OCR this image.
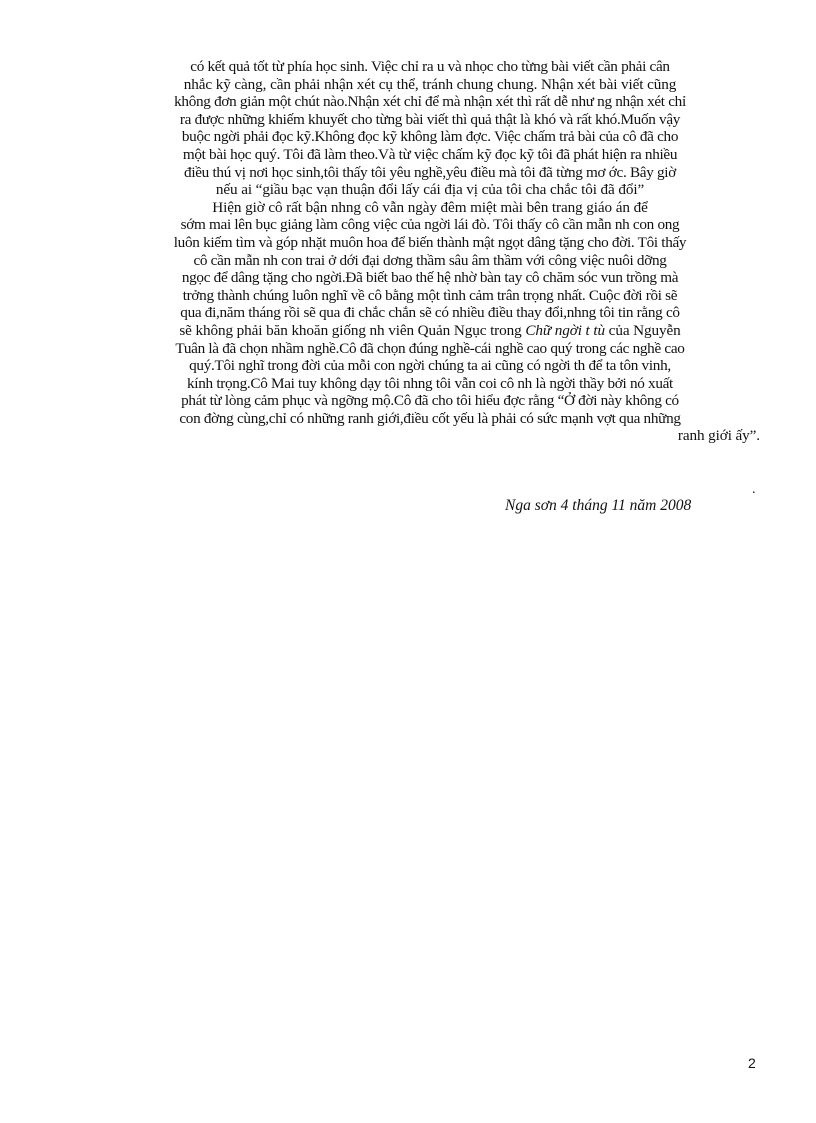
có kết quả tốt từ phía học sinh. Việc chỉ ra u và nhọc cho từng bài viết cần phải cân
nhắc kỹ càng, cần phải nhận xét cụ thể, tránh chung chung. Nhận xét bài viết cũng
không đơn giản một chút nào.Nhận xét chỉ để mà nhận xét thì rất dễ như ng nhận xét chỉ
ra được những khiếm khuyết cho từng bài viết thì quả thật là khó và rất khó.Muốn vậy
buộc ngời phải đọc kỹ.Không đọc kỹ không làm đợc. Việc chấm trả bài của cô đã cho
một bài học quý. Tôi đã làm theo.Và từ việc chấm kỹ đọc kỹ tôi đã phát hiện ra nhiều
điều thú vị nơi học sinh,tôi thấy tôi yêu nghề,yêu điều mà tôi đã từng mơ ớc. Bây giờ
nếu ai “giầu bạc vạn thuận đổi lấy cái địa vị của tôi cha chắc tôi đã đổi”
Hiện giờ cô rất bận nhng cô vẫn ngày đêm miệt mài bên trang giáo án để
sớm mai lên bục giảng làm công việc của ngời lái đò. Tôi thấy cô cần mẫn nh con ong
luôn kiếm tìm và góp nhặt muôn hoa để biến thành mật ngọt dâng tặng cho đời. Tôi thấy
cô cần mẫn nh con trai ở dới đại dơng thầm sâu âm thầm với công việc nuôi dỡng
ngọc để dâng tặng cho ngời.Đã biết bao thế hệ nhờ bàn tay cô chăm sóc vun trồng mà
trởng thành chúng luôn nghĩ về cô bằng một tình cảm trân trọng nhất. Cuộc đời rồi sẽ
qua đi,năm tháng rồi sẽ qua đi chắc chắn sẽ có nhiều điều thay đổi,nhng tôi tin rằng cô
sẽ không phải băn khoăn giống nh viên Quản Ngục trong Chữ ngời t tù của Nguyễn
Tuân là đã chọn nhầm nghề.Cô đã chọn đúng nghề-cái nghề cao quý trong các nghề cao
quý.Tôi nghĩ trong đời của mỗi con ngời chúng ta ai cũng có ngời th để ta tôn vinh,
kính trọng.Cô Mai tuy không dạy tôi nhng tôi vẫn coi cô nh là ngời thầy bởi nó xuất
phát từ lòng cảm phục và ngỡng mộ.Cô đã cho tôi hiểu đợc rằng “Ở đời này không có
con đờng cùng,chỉ có những ranh giới,điều cốt yếu là phải có sức mạnh vợt qua những
ranh giới ấy”.
.
Nga sơn 4 tháng 11 năm 2008
2
